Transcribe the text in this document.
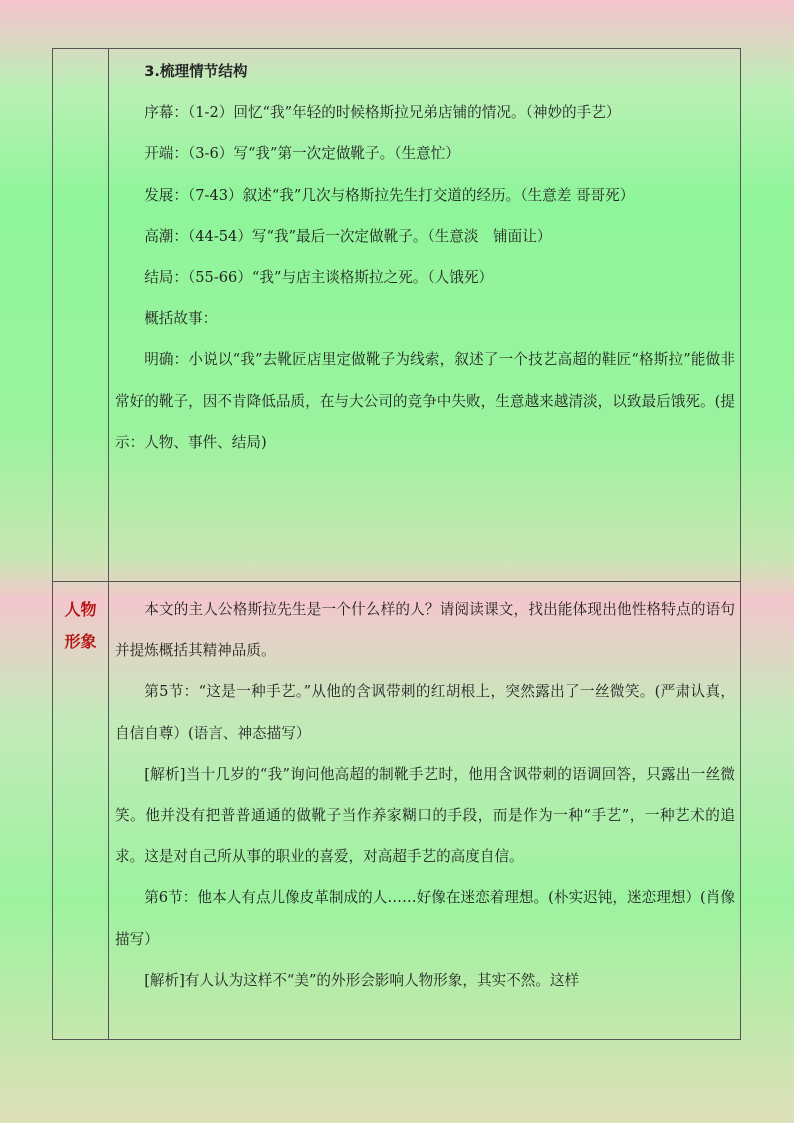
3.梳理情节结构

序幕：（1-2）回忆“我”年轻的时候格斯拉兄弟店铺的情况。（神妙的手艺）

开端：（3-6）写“我”第一次定做靴子。（生意忙）

发展：（7-43）叙述“我”几次与格斯拉先生打交道的经历。（生意差 哥哥死）

高潮：（44-54）写“我”最后一次定做靴子。（生意淡　铺面让）

结局：（55-66）“我”与店主谈格斯拉之死。（人饿死）

概括故事：

明确：小说以“我”去靴匠店里定做靴子为线索，叙述了一个技艺高超的鞋匠“格斯拉”能做非常好的靴子，因不肯降低品质，在与大公司的竞争中失败，生意越来越清淡，以致最后饿死。(提示：人物、事件、结局)

人物
形象

本文的主人公格斯拉先生是一个什么样的人？请阅读课文，找出能体现出他性格特点的语句并提炼概括其精神品质。

第5节：“这是一种手艺。”从他的含讽带刺的红胡根上，突然露出了一丝微笑。(严肃认真，自信自尊）(语言、神态描写）

[解析]当十几岁的“我”询问他高超的制靴手艺时，他用含讽带刺的语调回答，只露出一丝微笑。他并没有把普普通通的做靴子当作养家糊口的手段，而是作为一种“手艺”，一种艺术的追求。这是对自己所从事的职业的喜爱，对高超手艺的高度自信。

第6节：他本人有点儿像皮革制成的人……好像在迷恋着理想。(朴实迟钝，迷恋理想）(肖像描写）

[解析]有人认为这样不“美”的外形会影响人物形象，其实不然。这样
